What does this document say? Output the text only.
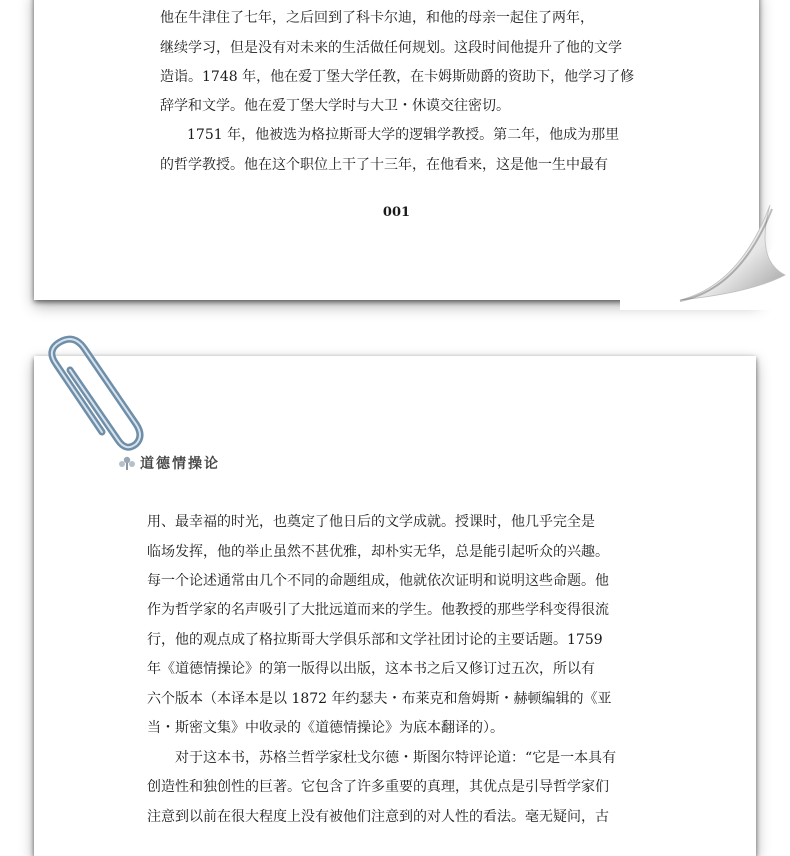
他在牛津住了七年，之后回到了科卡尔迪，和他的母亲一起住了两年，
继续学习，但是没有对未来的生活做任何规划。这段时间他提升了他的文学
造诣。1748 年，他在爱丁堡大学任教，在卡姆斯勋爵的资助下，他学习了修
辞学和文学。他在爱丁堡大学时与大卫・休谟交往密切。
1751 年，他被选为格拉斯哥大学的逻辑学教授。第二年，他成为那里
的哲学教授。他在这个职位上干了十三年，在他看来，这是他一生中最有
001
道德情操论
用、最幸福的时光，也奠定了他日后的文学成就。授课时，他几乎完全是
临场发挥，他的举止虽然不甚优雅，却朴实无华，总是能引起听众的兴趣。
每一个论述通常由几个不同的命题组成，他就依次证明和说明这些命题。他
作为哲学家的名声吸引了大批远道而来的学生。他教授的那些学科变得很流
行，他的观点成了格拉斯哥大学俱乐部和文学社团讨论的主要话题。1759
年《道德情操论》的第一版得以出版，这本书之后又修订过五次，所以有
六个版本（本译本是以 1872 年约瑟夫・布莱克和詹姆斯・赫顿编辑的《亚
当・斯密文集》中收录的《道德情操论》为底本翻译的）。
对于这本书，苏格兰哲学家杜戈尔德・斯图尔特评论道：“它是一本具有
创造性和独创性的巨著。它包含了许多重要的真理，其优点是引导哲学家们
注意到以前在很大程度上没有被他们注意到的对人性的看法。毫无疑问，古
